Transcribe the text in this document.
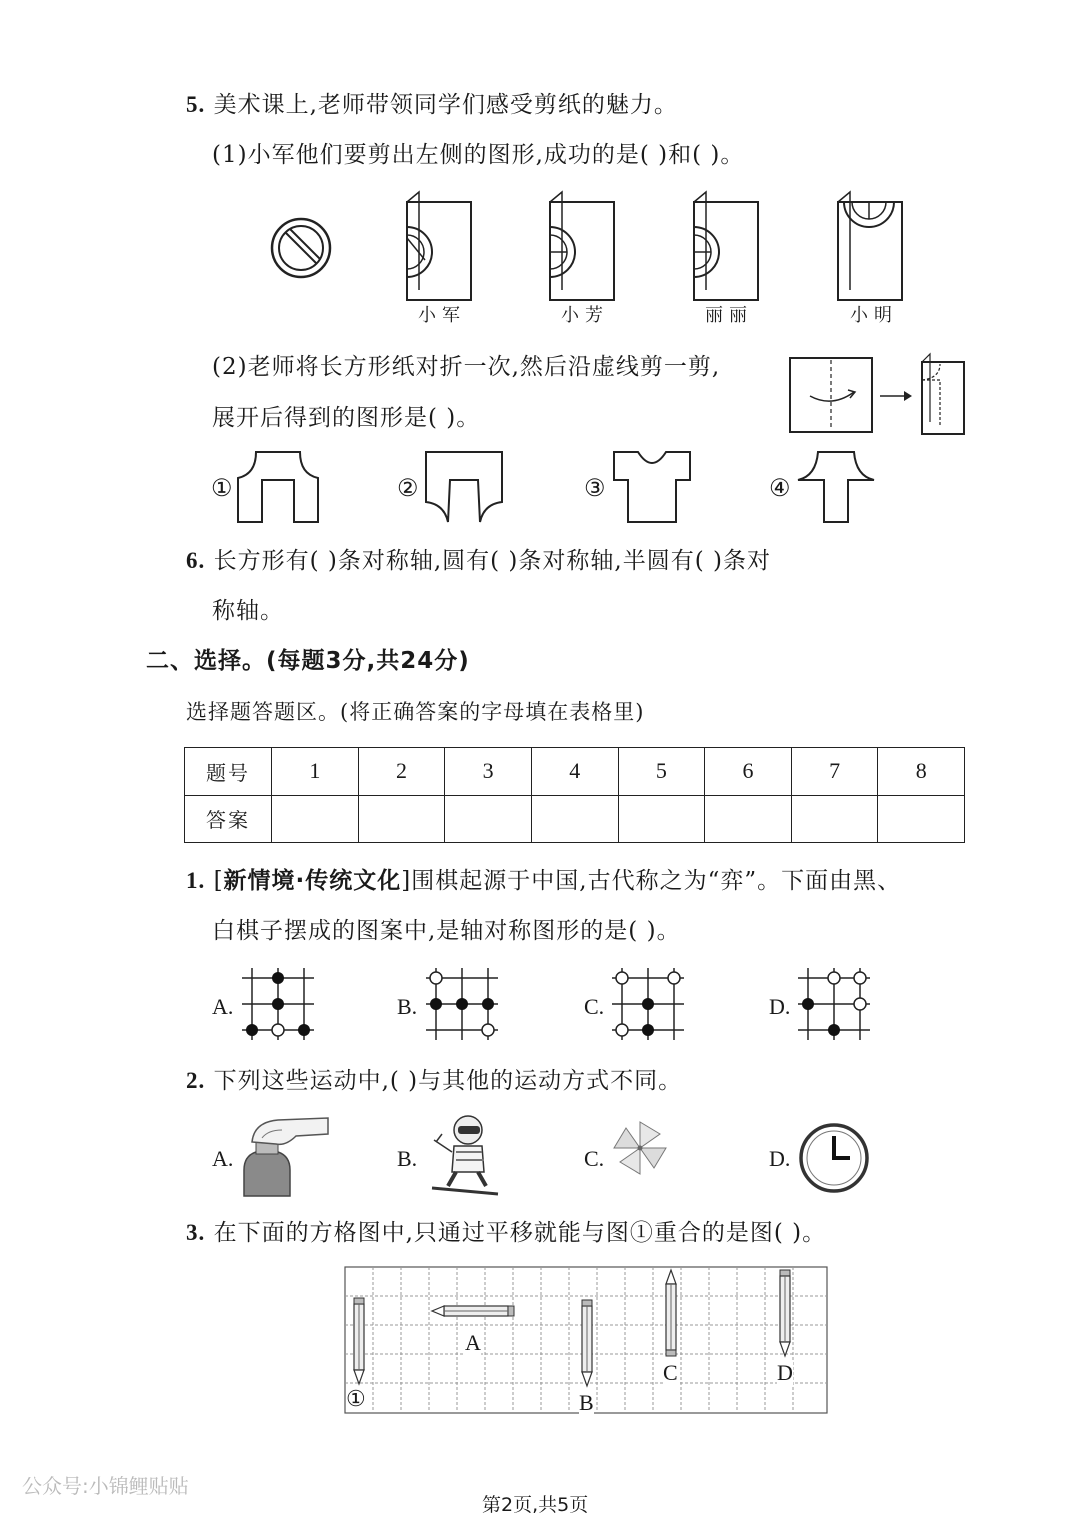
5. 美术课上,老师带领同学们感受剪纸的魅力。
(1)小军他们要剪出左侧的图形,成功的是( )和( )。
小军	小芳	丽丽	小明
(2)老师将长方形纸对折一次,然后沿虚线剪一剪,
展开后得到的图形是( )。
①	②	③	④
6. 长方形有( )条对称轴,圆有( )条对称轴,半圆有( )条对
称轴。
二、选择。(每题3分,共24分)
选择题答题区。(将正确答案的字母填在表格里)
题号	1	2	3	4	5	6	7	8
答案								
1. [新情境·传统文化]围棋起源于中国,古代称之为“弈”。下面由黑、
白棋子摆成的图案中,是轴对称图形的是( )。
A.	B.	C.	D.
2. 下列这些运动中,( )与其他的运动方式不同。
A.	B.	C.	D.
3. 在下面的方格图中,只通过平移就能与图①重合的是图( )。
①
A
B
C	D
公众号:小锦鲤贴贴
第2页,共5页
